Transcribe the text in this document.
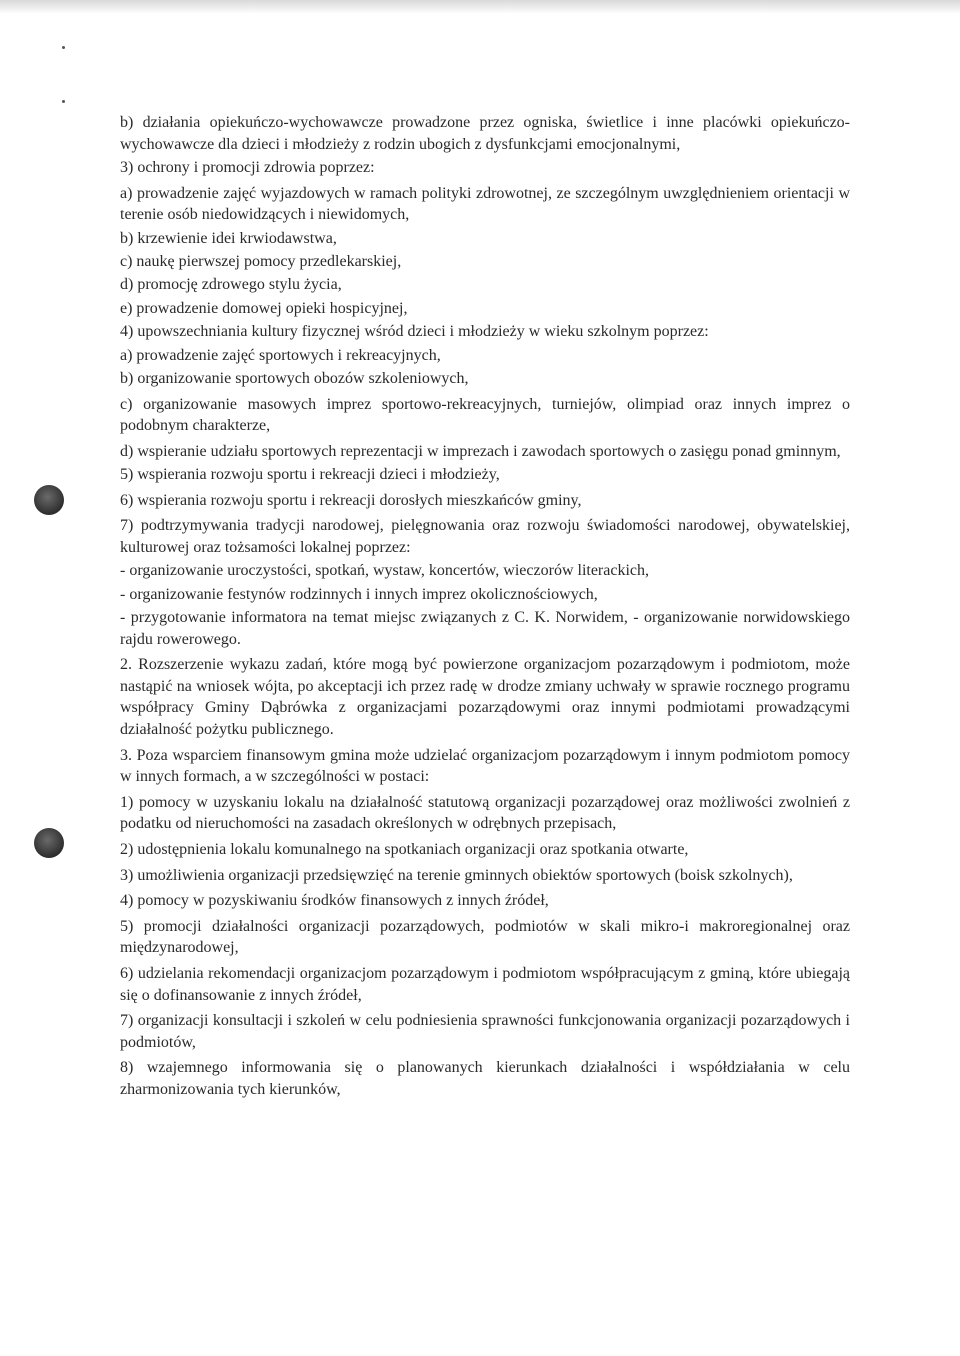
b) działania opiekuńczo-wychowawcze prowadzone przez ogniska, świetlice i inne placówki opiekuńczo-wychowawcze dla dzieci i młodzieży z rodzin ubogich z dysfunkcjami emocjonalnymi,

3) ochrony i promocji zdrowia poprzez:

a) prowadzenie zajęć wyjazdowych w ramach polityki zdrowotnej, ze szczególnym uwzględnieniem orientacji w terenie osób niedowidzących i niewidomych,

b) krzewienie idei krwiodawstwa,

c) naukę pierwszej pomocy przedlekarskiej,

d) promocję zdrowego stylu życia,

e) prowadzenie domowej opieki hospicyjnej,

4) upowszechniania kultury fizycznej wśród dzieci i młodzieży w wieku szkolnym poprzez:

a) prowadzenie zajęć sportowych i rekreacyjnych,

b) organizowanie sportowych obozów szkoleniowych,

c) organizowanie masowych imprez sportowo-rekreacyjnych, turniejów, olimpiad oraz innych imprez o podobnym charakterze,

d) wspieranie udziału sportowych reprezentacji w imprezach i zawodach sportowych o zasięgu ponad gminnym,

5) wspierania rozwoju sportu i rekreacji dzieci i młodzieży,

6) wspierania rozwoju sportu i rekreacji dorosłych mieszkańców gminy,

7) podtrzymywania tradycji narodowej, pielęgnowania oraz rozwoju świadomości narodowej, obywatelskiej, kulturowej oraz tożsamości lokalnej poprzez:

- organizowanie uroczystości, spotkań, wystaw, koncertów, wieczorów literackich,

- organizowanie festynów rodzinnych i innych imprez okolicznościowych,

- przygotowanie informatora na temat miejsc związanych z C. K. Norwidem, - organizowanie norwidowskiego rajdu rowerowego.

2. Rozszerzenie wykazu zadań, które mogą być powierzone organizacjom pozarządowym i podmiotom, może nastąpić na wniosek wójta, po akceptacji ich przez radę w drodze zmiany uchwały w sprawie rocznego programu współpracy Gminy Dąbrówka z organizacjami pozarządowymi oraz innymi podmiotami prowadzącymi działalność pożytku publicznego.

3. Poza wsparciem finansowym gmina może udzielać organizacjom pozarządowym i innym podmiotom pomocy w innych formach, a w szczególności w postaci:

1) pomocy w uzyskaniu lokalu na działalność statutową organizacji pozarządowej oraz możliwości zwolnień z podatku od nieruchomości na zasadach określonych w odrębnych przepisach,

2) udostępnienia lokalu komunalnego na spotkaniach organizacji oraz spotkania otwarte,

3) umożliwienia organizacji przedsięwzięć na terenie gminnych obiektów sportowych (boisk szkolnych),

4) pomocy w pozyskiwaniu środków finansowych z innych źródeł,

5) promocji działalności organizacji pozarządowych, podmiotów w skali mikro-i makroregionalnej oraz międzynarodowej,

6) udzielania rekomendacji organizacjom pozarządowym i podmiotom współpracującym z gminą, które ubiegają się o dofinansowanie z innych źródeł,

7) organizacji konsultacji i szkoleń w celu podniesienia sprawności funkcjonowania organizacji pozarządowych i podmiotów,

8) wzajemnego informowania się o planowanych kierunkach działalności i współdziałania w celu zharmonizowania tych kierunków,
